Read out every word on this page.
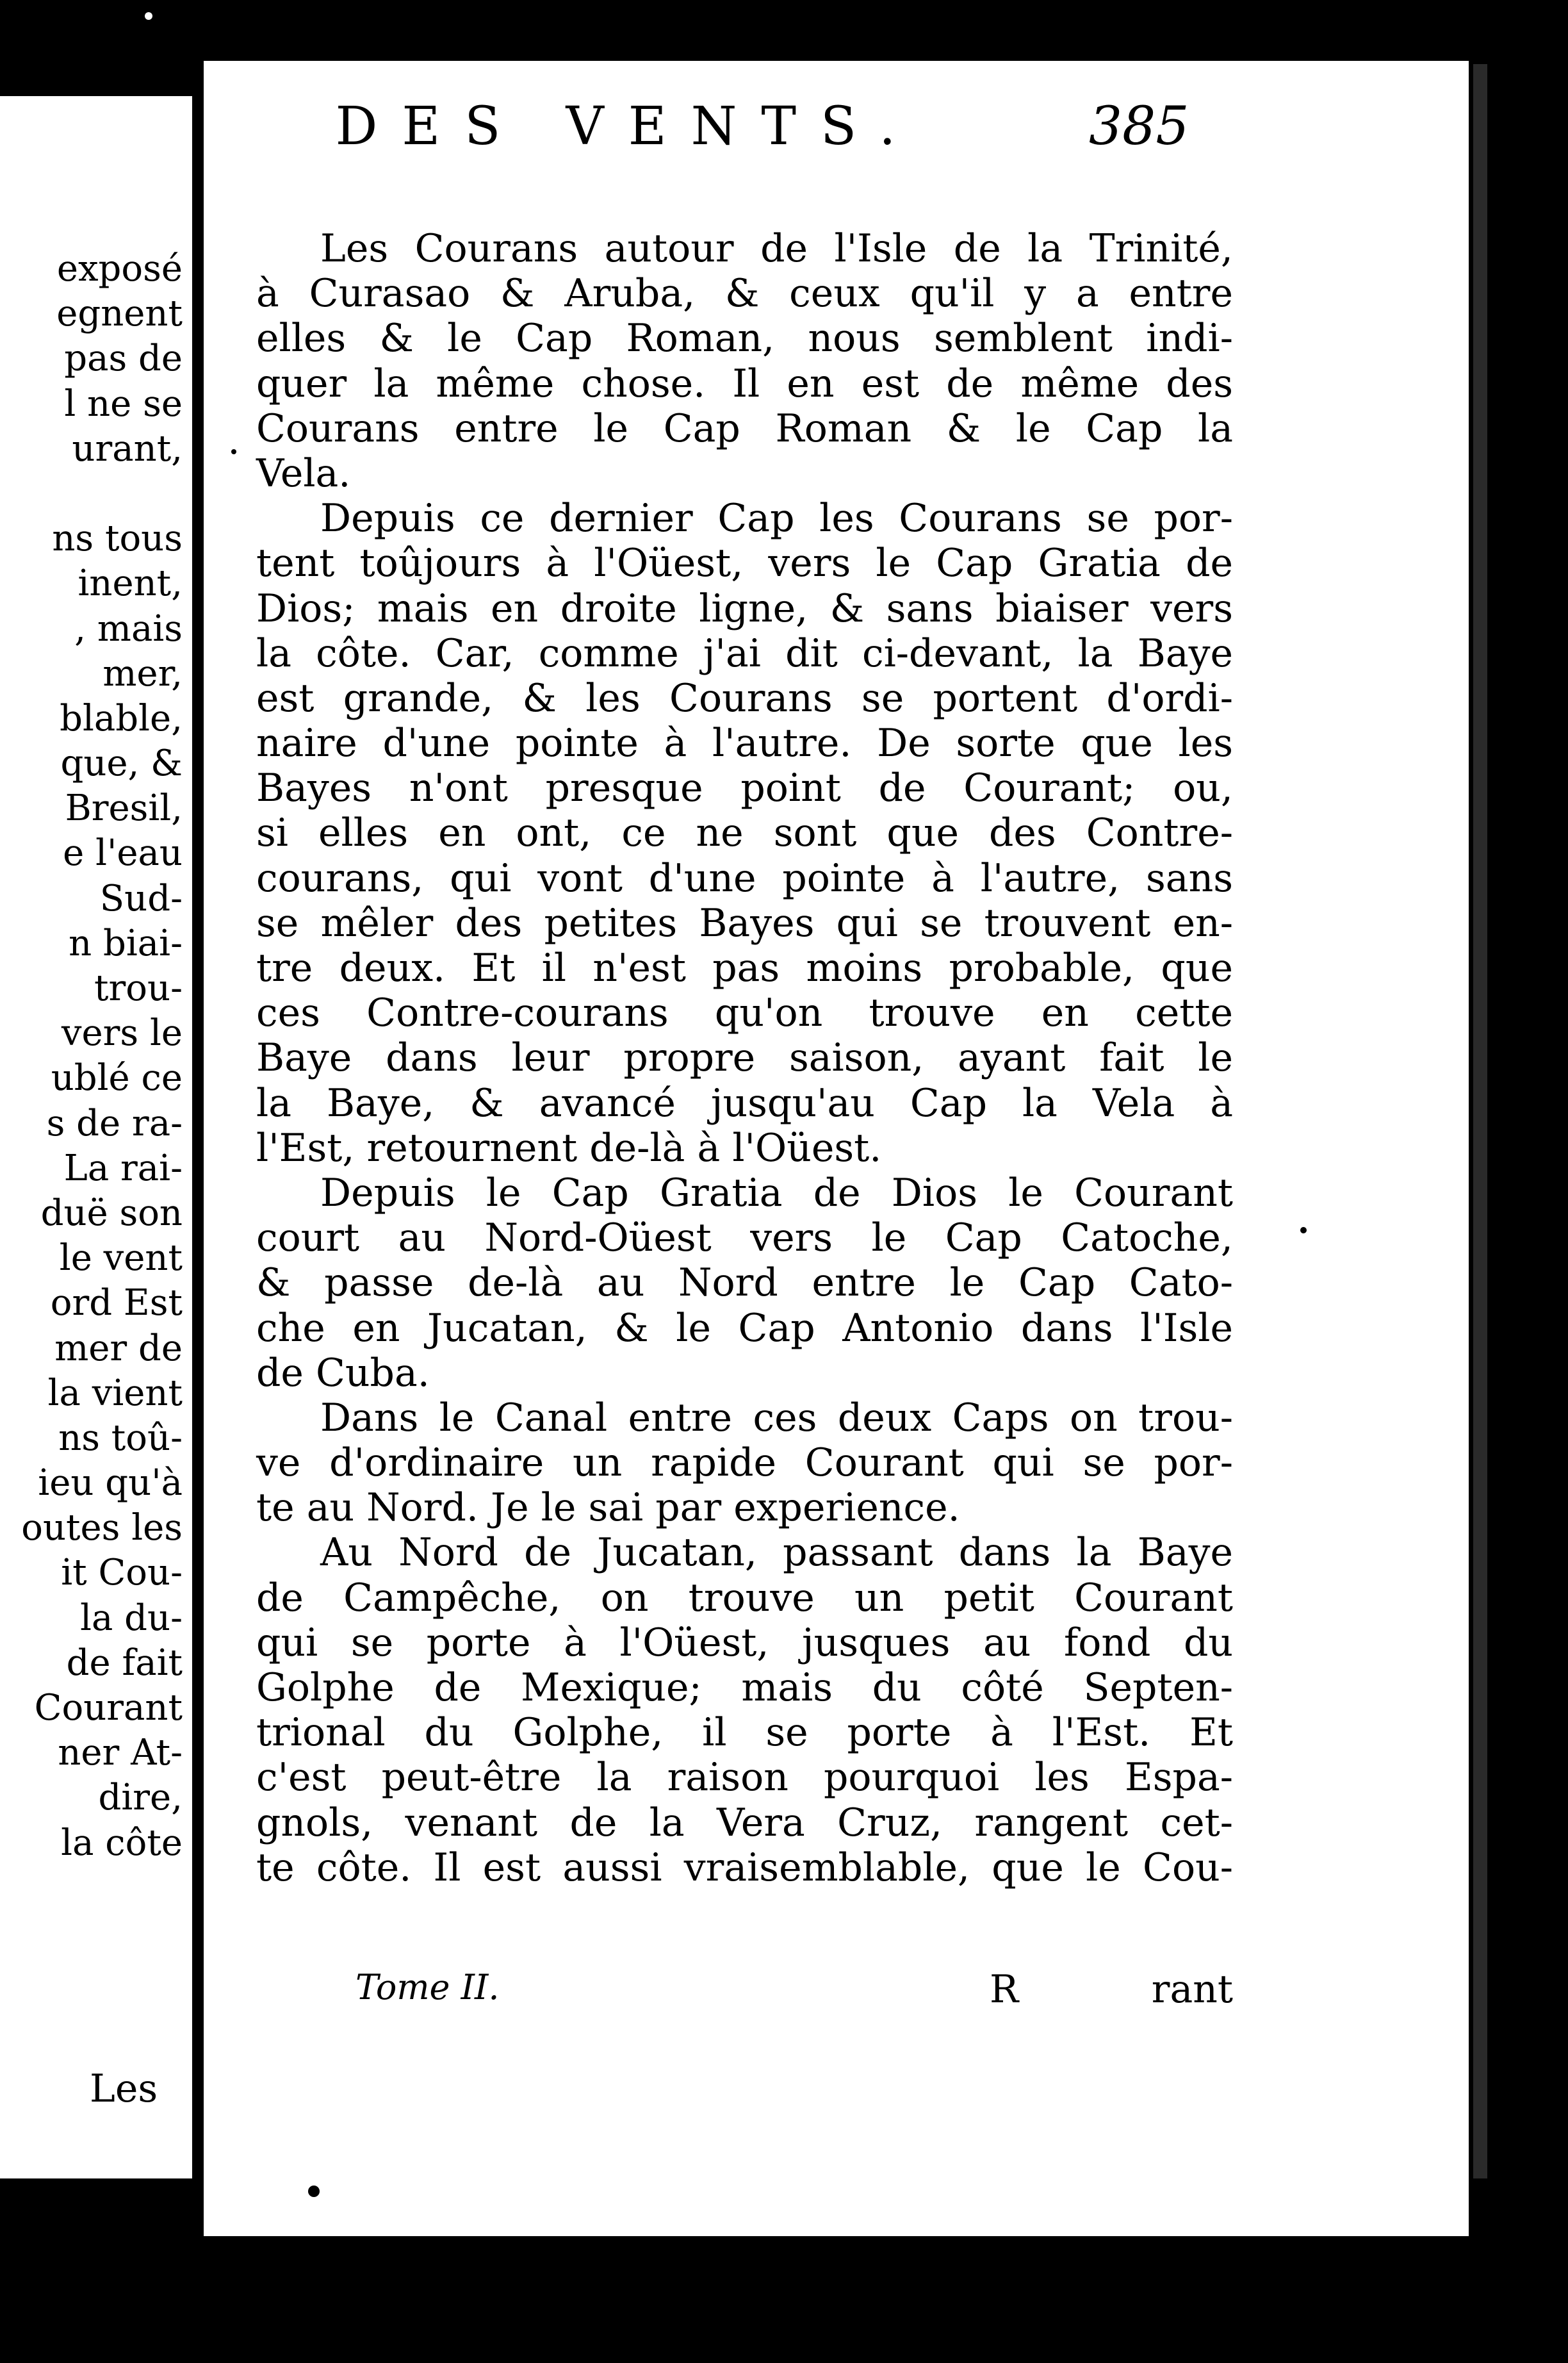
exposé
egnent
pas de
l ne se
urant,
ns tous
inent,
, mais
mer,
blable,
que, &
Bresil,
e l'eau
Sud-
n biai-
trou-
vers le
ublé ce
s de ra-
La rai-
duë son
le vent
ord Est
mer de
la vient
ns toû-
ieu qu'à
outes les
it Cou-
la du-
de fait
Courant
ner At-
dire,
la côte
Les
DES VENTS.	385
Les Courans autour de l'Isle de la Trinité,
à Curasao & Aruba, & ceux qu'il y a entre
elles & le Cap Roman, nous semblent indi-
quer la même chose. Il en est de même des
Courans entre le Cap Roman & le Cap la
Vela.
Depuis ce dernier Cap les Courans se por-
tent toûjours à l'Oüest, vers le Cap Gratia de
Dios; mais en droite ligne, & sans biaiser vers
la côte. Car, comme j'ai dit ci-devant, la Baye
est grande, & les Courans se portent d'ordi-
naire d'une pointe à l'autre. De sorte que les
Bayes n'ont presque point de Courant; ou,
si elles en ont, ce ne sont que des Contre-
courans, qui vont d'une pointe à l'autre, sans
se mêler des petites Bayes qui se trouvent en-
tre deux. Et il n'est pas moins probable, que
ces Contre-courans qu'on trouve en cette
Baye dans leur propre saison, ayant fait le
la Baye, & avancé jusqu'au Cap la Vela à
l'Est, retournent de-là à l'Oüest.
Depuis le Cap Gratia de Dios le Courant
court au Nord-Oüest vers le Cap Catoche,
& passe de-là au Nord entre le Cap Cato-
che en Jucatan, & le Cap Antonio dans l'Isle
de Cuba.
Dans le Canal entre ces deux Caps on trou-
ve d'ordinaire un rapide Courant qui se por-
te au Nord. Je le sai par experience.
Au Nord de Jucatan, passant dans la Baye
de Campêche, on trouve un petit Courant
qui se porte à l'Oüest, jusques au fond du
Golphe de Mexique; mais du côté Septen-
trional du Golphe, il se porte à l'Est. Et
c'est peut-être la raison pourquoi les Espa-
gnols, venant de la Vera Cruz, rangent cet-
te côte. Il est aussi vraisemblable, que le Cou-
Tome II.	R	rant
